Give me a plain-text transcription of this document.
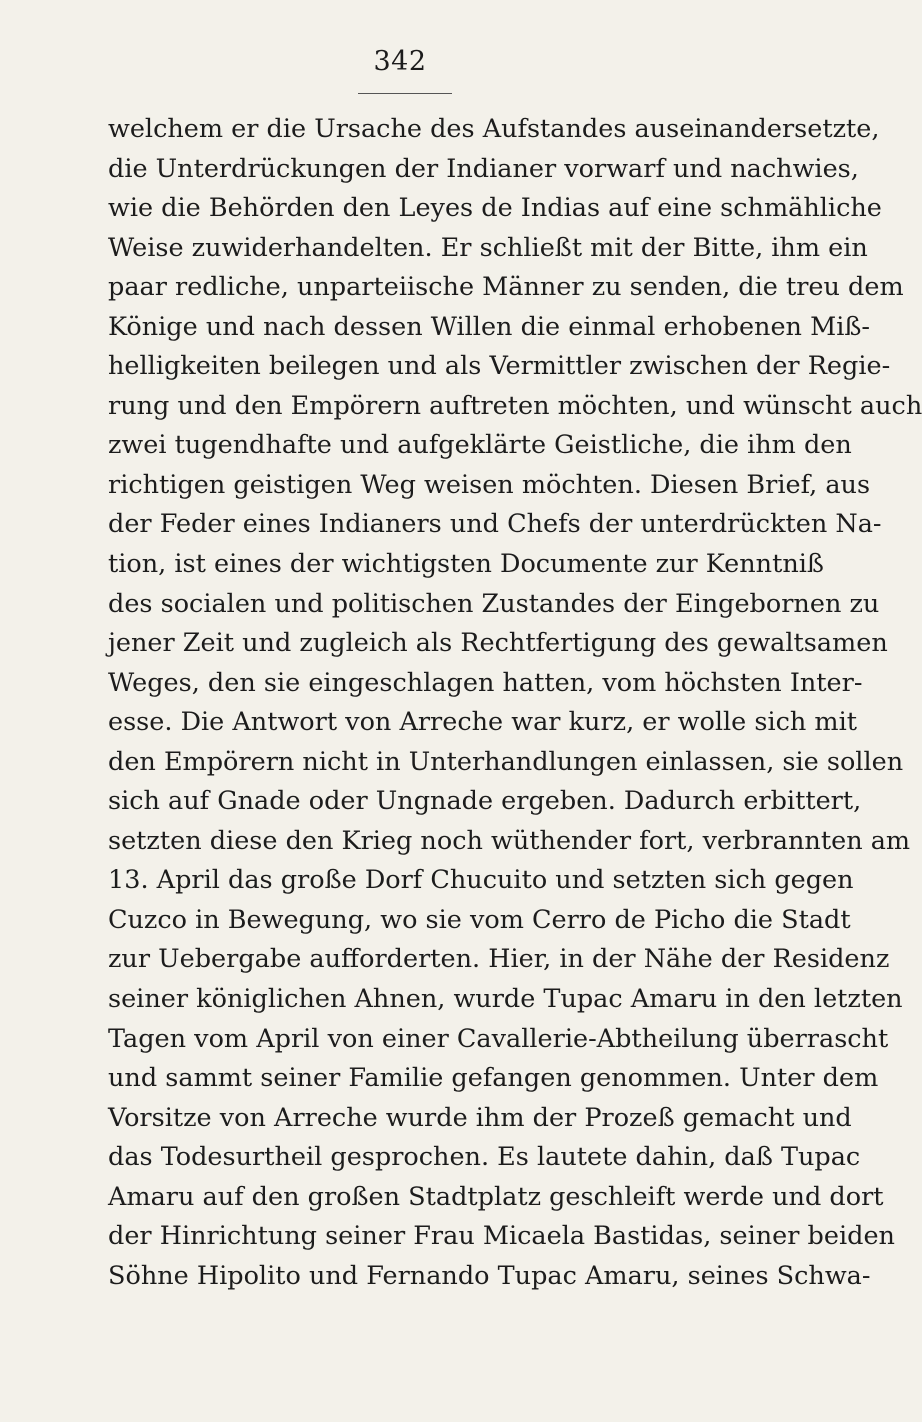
342
welchem er die Ursache des Aufstandes auseinandersetzte,
die Unterdrückungen der Indianer vorwarf und nachwies,
wie die Behörden den Leyes de Indias auf eine schmähliche
Weise zuwiderhandelten. Er schließt mit der Bitte, ihm ein
paar redliche, unparteiische Männer zu senden, die treu dem
Könige und nach dessen Willen die einmal erhobenen Miß-
helligkeiten beilegen und als Vermittler zwischen der Regie-
rung und den Empörern auftreten möchten, und wünscht auch
zwei tugendhafte und aufgeklärte Geistliche, die ihm den
richtigen geistigen Weg weisen möchten. Diesen Brief, aus
der Feder eines Indianers und Chefs der unterdrückten Na-
tion, ist eines der wichtigsten Documente zur Kenntniß
des socialen und politischen Zustandes der Eingebornen zu
jener Zeit und zugleich als Rechtfertigung des gewaltsamen
Weges, den sie eingeschlagen hatten, vom höchsten Inter-
esse. Die Antwort von Arreche war kurz, er wolle sich mit
den Empörern nicht in Unterhandlungen einlassen, sie sollen
sich auf Gnade oder Ungnade ergeben. Dadurch erbittert,
setzten diese den Krieg noch wüthender fort, verbrannten am
13. April das große Dorf Chucuito und setzten sich gegen
Cuzco in Bewegung, wo sie vom Cerro de Picho die Stadt
zur Uebergabe aufforderten. Hier, in der Nähe der Residenz
seiner königlichen Ahnen, wurde Tupac Amaru in den letzten
Tagen vom April von einer Cavallerie-Abtheilung überrascht
und sammt seiner Familie gefangen genommen. Unter dem
Vorsitze von Arreche wurde ihm der Prozeß gemacht und
das Todesurtheil gesprochen. Es lautete dahin, daß Tupac
Amaru auf den großen Stadtplatz geschleift werde und dort
der Hinrichtung seiner Frau Micaela Bastidas, seiner beiden
Söhne Hipolito und Fernando Tupac Amaru, seines Schwa-
